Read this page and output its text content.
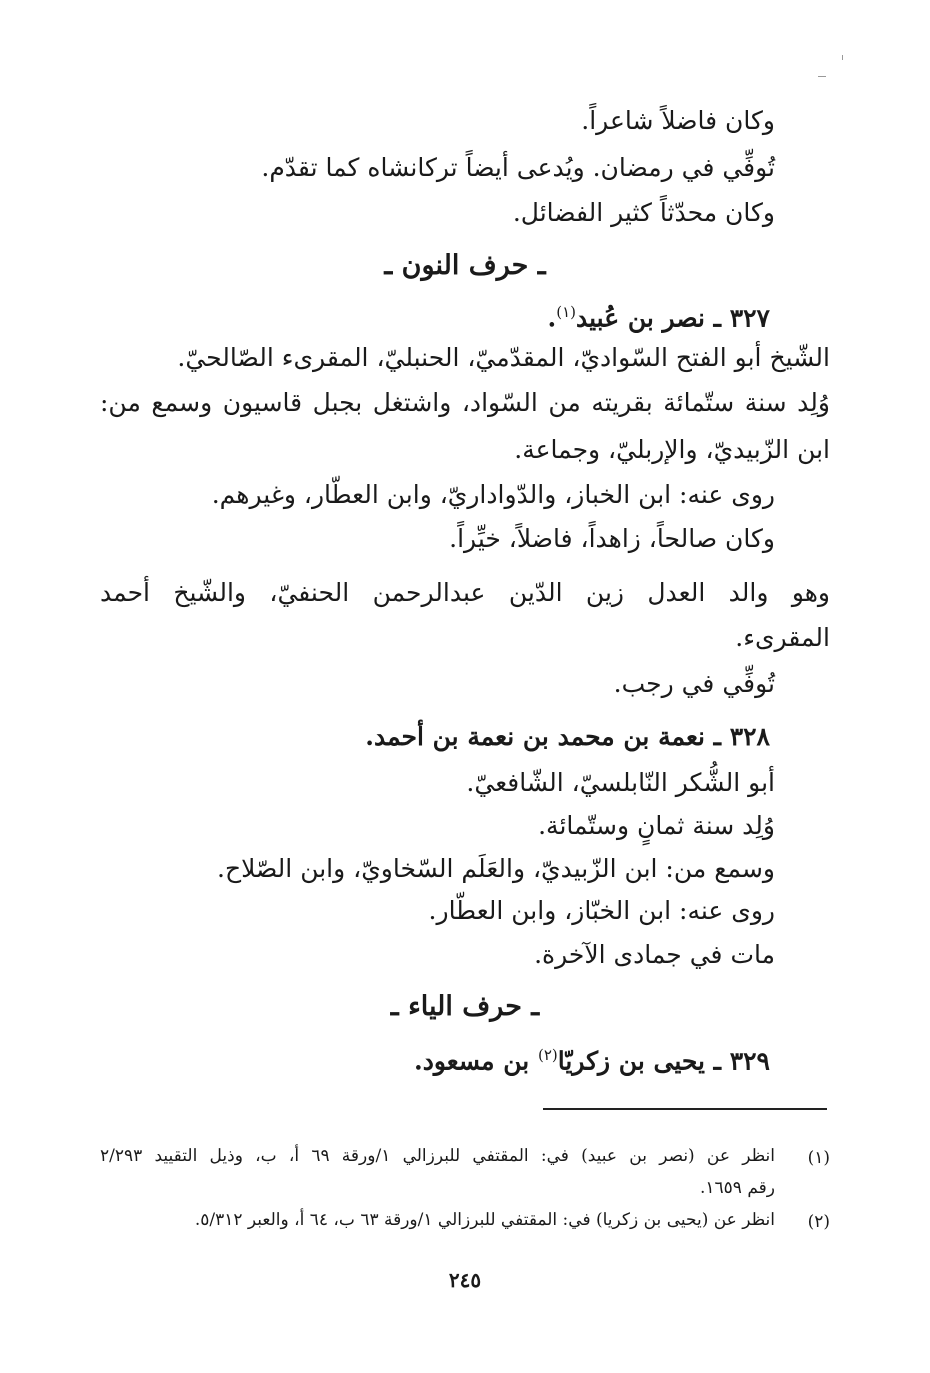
وكان فاضلاً شاعراً.
تُوفِّي في رمضان. ويُدعى أيضاً تركانشاه كما تقدّم.
وكان محدّثاً كثير الفضائل.
ـ حرف النون ـ
٣٢٧ ـ نصر بن عُبيد$^{(١)}$.
الشّيخ أبو الفتح السّواديّ، المقدّميّ، الحنبليّ، المقرىء الصّالحيّ.
وُلِد سنة ستّمائة بقريته من السّواد، واشتغل بجبل قاسيون وسمع من:
ابن الزّبيديّ، والإربليّ، وجماعة.
روى عنه: ابن الخباز، والدّواداريّ، وابن العطّار، وغيرهم.
وكان صالحاً، زاهداً، فاضلاً، خيِّراً.
وهو والد العدل زين الدّين عبدالرحمن الحنفيّ، والشّيخ أحمد
المقرىء.
تُوفِّي في رجب.
٣٢٨ ـ نعمة بن محمد بن نعمة بن أحمد.
أبو الشُّكر النّابلسيّ، الشّافعيّ.
وُلِد سنة ثمانٍ وستّمائة.
وسمع من: ابن الزّبيديّ، والعَلَم السّخاويّ، وابن الصّلاح.
روى عنه: ابن الخبّاز، وابن العطّار.
مات في جمادى الآخرة.
ـ حرف الياء ـ
٣٢٩ ـ يحيى بن زكريّا$^{(٢)}$ بن مسعود.
(١)
انظر عن (نصر بن عبيد) في: المقتفي للبرزالي ١/ورقة ٦٩ أ، ب، وذيل التقييد ٢/٢٩٣
رقم ١٦٥٩.
(٢)
انظر عن (يحيى بن زكريا) في: المقتفي للبرزالي ١/ورقة ٦٣ ب، ٦٤ أ، والعبر ٥/٣١٢.
٢٤٥
